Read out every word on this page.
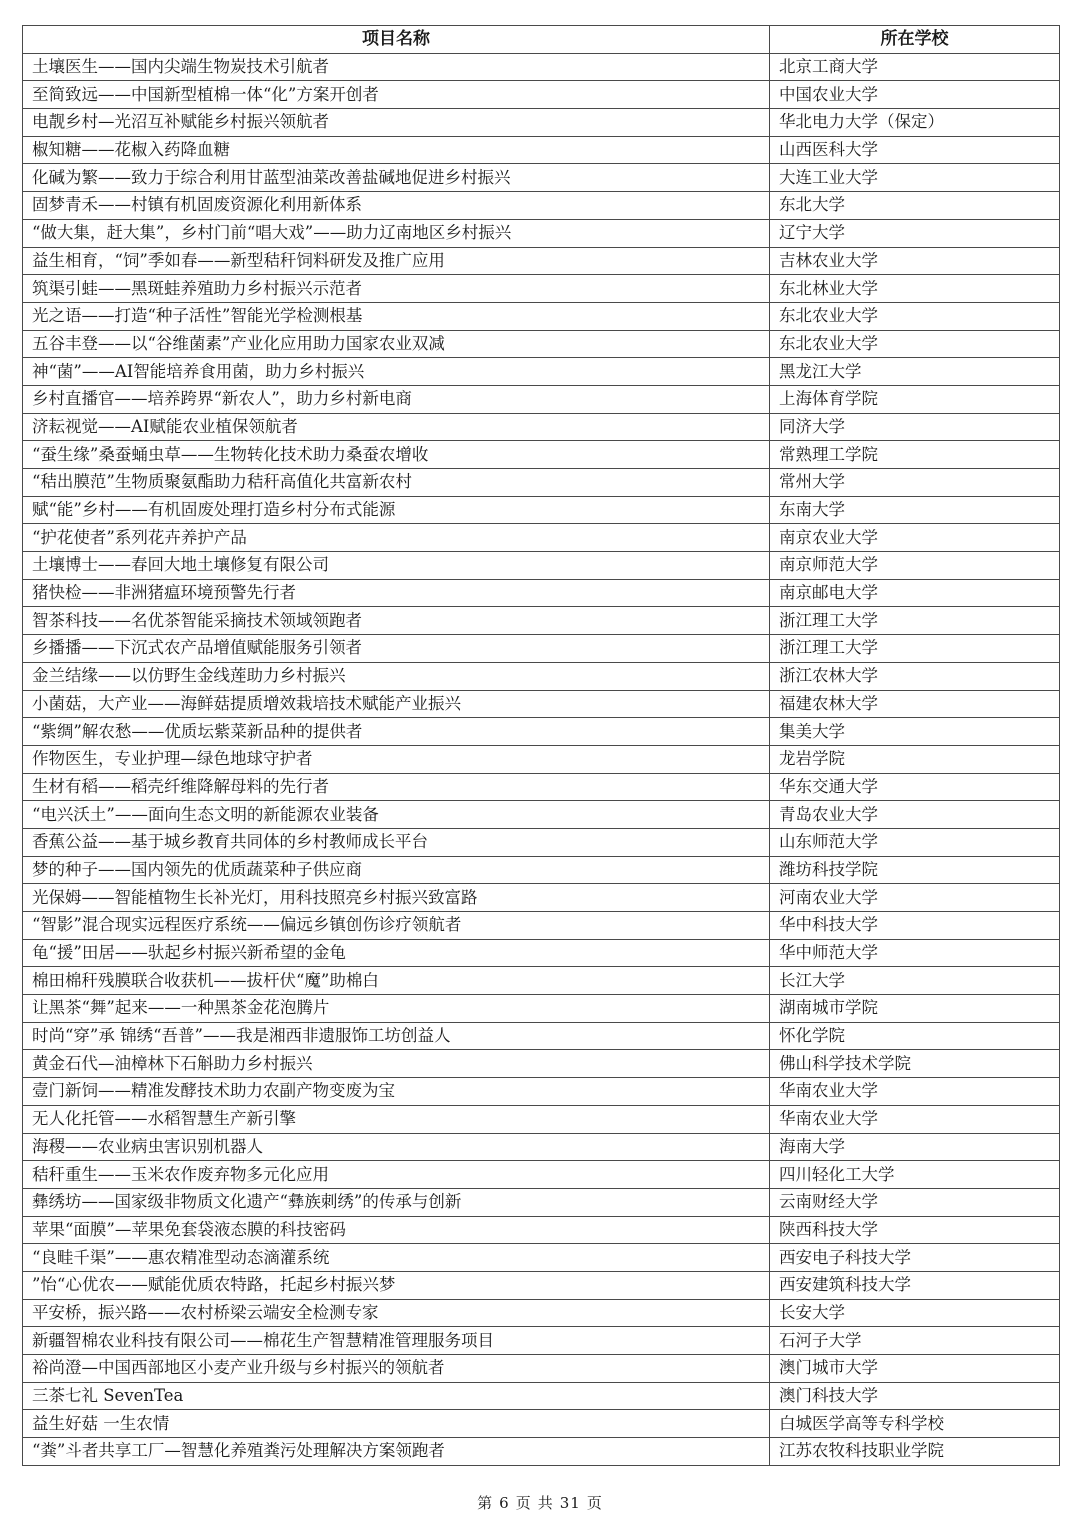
项目名称	所在学校
土壤医生——国内尖端生物炭技术引航者	北京工商大学
至简致远——中国新型植棉一体“化”方案开创者	中国农业大学
电靓乡村—光沼互补赋能乡村振兴领航者	华北电力大学（保定）
椒知糖——花椒入药降血糖	山西医科大学
化碱为繁——致力于综合利用甘蓝型油菜改善盐碱地促进乡村振兴	大连工业大学
固梦青禾——村镇有机固废资源化利用新体系	东北大学
“做大集，赶大集”，乡村门前“唱大戏”——助力辽南地区乡村振兴	辽宁大学
益生相育，“饲”季如春——新型秸秆饲料研发及推广应用	吉林农业大学
筑渠引蛙——黑斑蛙养殖助力乡村振兴示范者	东北林业大学
光之语——打造“种子活性”智能光学检测根基	东北农业大学
五谷丰登——以“谷维菌素”产业化应用助力国家农业双减	东北农业大学
神“菌”——AI智能培养食用菌，助力乡村振兴	黑龙江大学
乡村直播官——培养跨界“新农人”，助力乡村新电商	上海体育学院
济耘视觉——AI赋能农业植保领航者	同济大学
“蚕生缘”桑蚕蛹虫草——生物转化技术助力桑蚕农增收	常熟理工学院
“秸出膜范”生物质聚氨酯助力秸秆高值化共富新农村	常州大学
赋“能”乡村——有机固废处理打造乡村分布式能源	东南大学
“护花使者”系列花卉养护产品	南京农业大学
土壤博士——春回大地土壤修复有限公司	南京师范大学
猪快检——非洲猪瘟环境预警先行者	南京邮电大学
智茶科技——名优茶智能采摘技术领域领跑者	浙江理工大学
乡播播——下沉式农产品增值赋能服务引领者	浙江理工大学
金兰结缘——以仿野生金线莲助力乡村振兴	浙江农林大学
小菌菇，大产业——海鲜菇提质增效栽培技术赋能产业振兴	福建农林大学
“紫绸”解农愁——优质坛紫菜新品种的提供者	集美大学
作物医生，专业护理—绿色地球守护者	龙岩学院
生材有稻——稻壳纤维降解母料的先行者	华东交通大学
“电兴沃土”——面向生态文明的新能源农业装备	青岛农业大学
香蕉公益——基于城乡教育共同体的乡村教师成长平台	山东师范大学
梦的种子——国内领先的优质蔬菜种子供应商	潍坊科技学院
光保姆——智能植物生长补光灯，用科技照亮乡村振兴致富路	河南农业大学
“智影”混合现实远程医疗系统——偏远乡镇创伤诊疗领航者	华中科技大学
龟“援”田居——驮起乡村振兴新希望的金龟	华中师范大学
棉田棉秆残膜联合收获机——拔杆伏“魔”助棉白	长江大学
让黑茶“舞”起来——一种黑茶金花泡腾片	湖南城市学院
时尚“穿”承 锦绣“吾普”——我是湘西非遗服饰工坊创益人	怀化学院
黄金石代—油樟林下石斛助力乡村振兴	佛山科学技术学院
壹门新饲——精准发酵技术助力农副产物变废为宝	华南农业大学
无人化托管——水稻智慧生产新引擎	华南农业大学
海稷——农业病虫害识别机器人	海南大学
秸秆重生——玉米农作废弃物多元化应用	四川轻化工大学
彝绣坊——国家级非物质文化遗产“彝族刺绣”的传承与创新	云南财经大学
苹果“面膜”—苹果免套袋液态膜的科技密码	陕西科技大学
“良畦千渠”——惠农精准型动态滴灌系统	西安电子科技大学
”怡“心优农——赋能优质农特路，托起乡村振兴梦	西安建筑科技大学
平安桥，振兴路——农村桥梁云端安全检测专家	长安大学
新疆智棉农业科技有限公司——棉花生产智慧精准管理服务项目	石河子大学
裕尚澄—中国西部地区小麦产业升级与乡村振兴的领航者	澳门城市大学
三茶七礼 SevenTea	澳门科技大学
益生好菇 一生农情	白城医学高等专科学校
“粪”斗者共享工厂—智慧化养殖粪污处理解决方案领跑者	江苏农牧科技职业学院
第 6 页 共 31 页
